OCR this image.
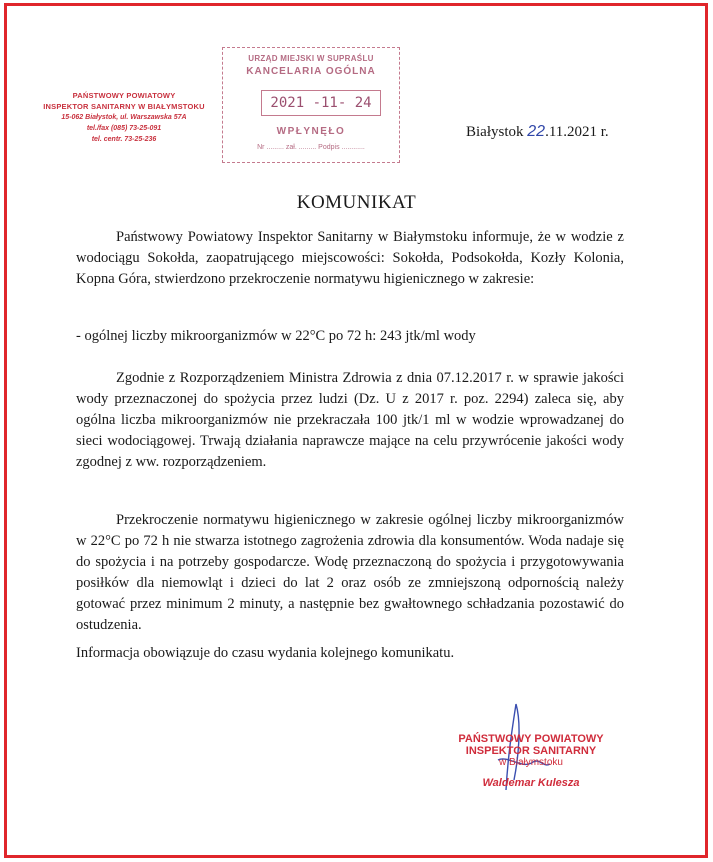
PAŃSTWOWY POWIATOWY
INSPEKTOR SANITARNY W BIAŁYMSTOKU
15-062 Białystok, ul. Warszawska 57A
tel./fax (085) 73-25-091
tel. centr. 73-25-236
URZĄD MIEJSKI W SUPRAŚLU
KANCELARIA OGÓLNA
2021 -11- 24
WPŁYNĘŁO
Nr ......... zał. ......... Podpis ............
Białystok 22.11.2021 r.
KOMUNIKAT
Państwowy Powiatowy Inspektor Sanitarny w Białymstoku informuje, że w wodzie z wodociągu Sokołda, zaopatrującego miejscowości: Sokołda, Podsokołda, Kozły Kolonia, Kopna Góra, stwierdzono przekroczenie normatywu higienicznego w zakresie:
- ogólnej liczby mikroorganizmów w 22°C po 72 h: 243 jtk/ml wody
Zgodnie z Rozporządzeniem Ministra Zdrowia z dnia 07.12.2017 r. w sprawie jakości wody przeznaczonej do spożycia przez ludzi (Dz. U z 2017 r. poz. 2294) zaleca się, aby ogólna liczba mikroorganizmów nie przekraczała 100 jtk/1 ml w wodzie wprowadzanej do sieci wodociągowej. Trwają działania naprawcze mające na celu przywrócenie jakości wody zgodnej z ww. rozporządzeniem.
Przekroczenie normatywu higienicznego w zakresie ogólnej liczby mikroorganizmów w 22°C po 72 h nie stwarza istotnego zagrożenia zdrowia dla konsumentów. Woda nadaje się do spożycia i na potrzeby gospodarcze. Wodę przeznaczoną do spożycia i przygotowywania posiłków dla niemowląt i dzieci do lat 2 oraz osób ze zmniejszoną odpornością należy gotować przez minimum 2 minuty, a następnie bez gwałtownego schładzania pozostawić do ostudzenia.
Informacja obowiązuje do czasu wydania kolejnego komunikatu.
PAŃSTWOWY POWIATOWY
INSPEKTOR SANITARNY
w Białymstoku
Waldemar Kulesza
